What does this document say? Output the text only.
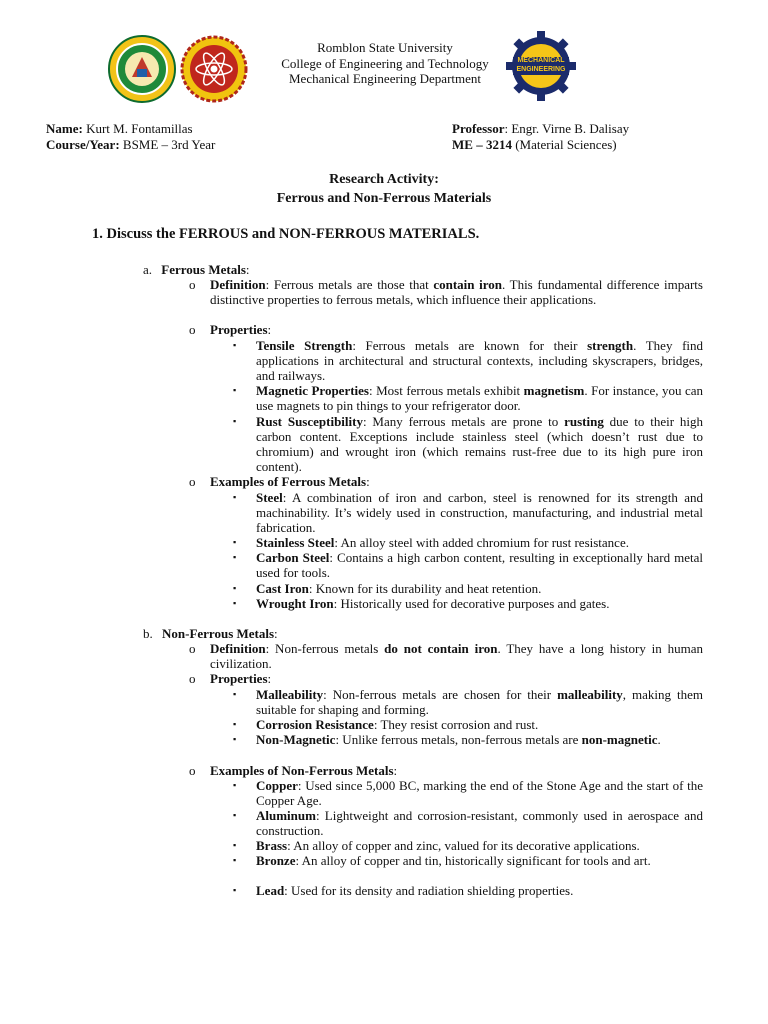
MECHANICAL ENGINEERING
Romblon State University
College of Engineering and Technology
Mechanical Engineering Department
Name: Kurt M. Fontamillas
Course/Year: BSME – 3rd Year
Professor: Engr. Virne B. Dalisay
ME – 3214 (Material Sciences)
Research Activity:
Ferrous and Non-Ferrous Materials
1. Discuss the FERROUS and NON-FERROUS MATERIALS.
a. Ferrous Metals:
o	Definition: Ferrous metals are those that contain iron. This fundamental difference imparts distinctive properties to ferrous metals, which influence their applications.
o	Properties:
▪	Tensile Strength: Ferrous metals are known for their strength. They find applications in architectural and structural contexts, including skyscrapers, bridges, and railways.
▪	Magnetic Properties: Most ferrous metals exhibit magnetism. For instance, you can use magnets to pin things to your refrigerator door.
▪	Rust Susceptibility: Many ferrous metals are prone to rusting due to their high carbon content. Exceptions include stainless steel (which doesn’t rust due to chromium) and wrought iron (which remains rust-free due to its high pure iron content).
o	Examples of Ferrous Metals:
▪	Steel: A combination of iron and carbon, steel is renowned for its strength and machinability. It’s widely used in construction, manufacturing, and industrial metal fabrication.
▪	Stainless Steel: An alloy steel with added chromium for rust resistance.
▪	Carbon Steel: Contains a high carbon content, resulting in exceptionally hard metal used for tools.
▪	Cast Iron: Known for its durability and heat retention.
▪	Wrought Iron: Historically used for decorative purposes and gates.
b. Non-Ferrous Metals:
o	Definition: Non-ferrous metals do not contain iron. They have a long history in human civilization.
o	Properties:
▪	Malleability: Non-ferrous metals are chosen for their malleability, making them suitable for shaping and forming.
▪	Corrosion Resistance: They resist corrosion and rust.
▪	Non-Magnetic: Unlike ferrous metals, non-ferrous metals are non-magnetic.
o	Examples of Non-Ferrous Metals:
▪	Copper: Used since 5,000 BC, marking the end of the Stone Age and the start of the Copper Age.
▪	Aluminum: Lightweight and corrosion-resistant, commonly used in aerospace and construction.
▪	Brass: An alloy of copper and zinc, valued for its decorative applications.
▪	Bronze: An alloy of copper and tin, historically significant for tools and art.
▪	Lead: Used for its density and radiation shielding properties.
